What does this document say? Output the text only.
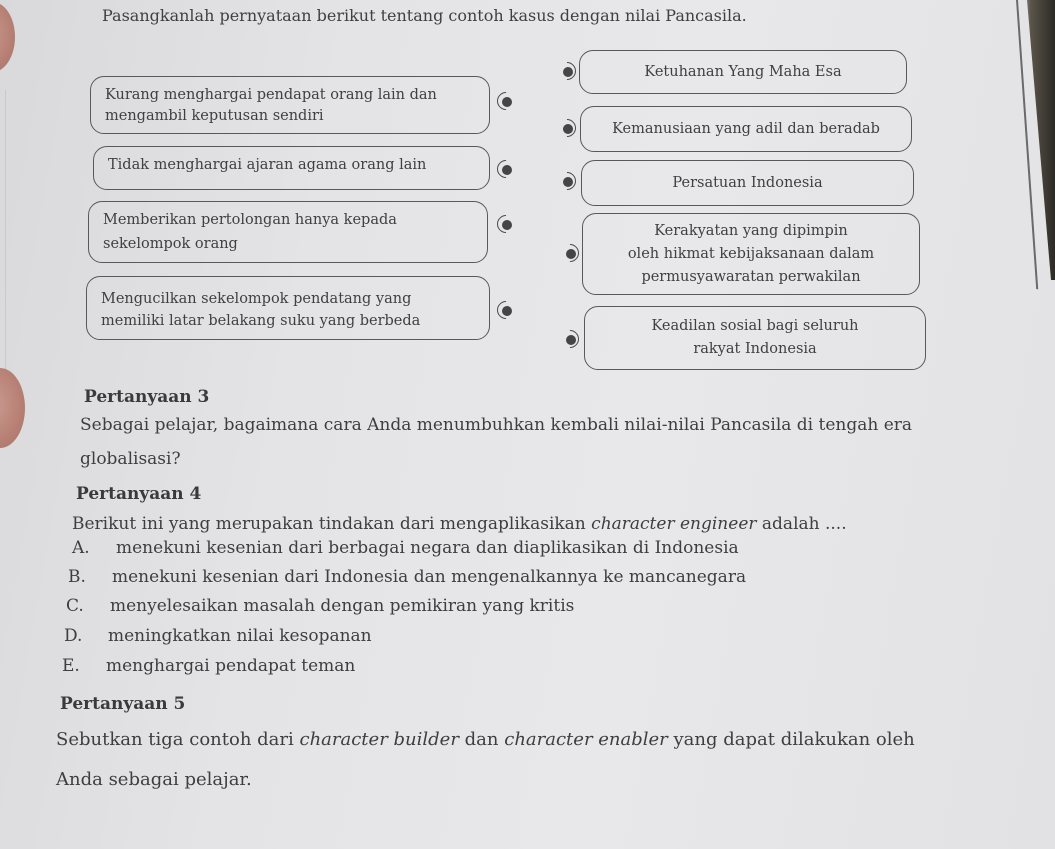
Pasangkanlah pernyataan berikut tentang contoh kasus dengan nilai Pancasila.
Kurang menghargai pendapat orang lain dan
mengambil keputusan sendiri
Tidak menghargai ajaran agama orang lain
Memberikan pertolongan hanya kepada
sekelompok orang
Mengucilkan sekelompok pendatang yang
memiliki latar belakang suku yang berbeda
Ketuhanan Yang Maha Esa
Kemanusiaan yang adil dan beradab
Persatuan Indonesia
Kerakyatan yang dipimpin
oleh hikmat kebijaksanaan dalam
permusyawaratan perwakilan
Keadilan sosial bagi seluruh
rakyat Indonesia
Pertanyaan 3
Sebagai pelajar, bagaimana cara Anda menumbuhkan kembali nilai-nilai Pancasila di tengah era
globalisasi?
Pertanyaan 4
Berikut ini yang merupakan tindakan dari mengaplikasikan character engineer adalah ....
A.	menekuni kesenian dari berbagai negara dan diaplikasikan di Indonesia
B.	menekuni kesenian dari Indonesia dan mengenalkannya ke mancanegara
C.	menyelesaikan masalah dengan pemikiran yang kritis
D.	meningkatkan nilai kesopanan
E.	menghargai pendapat teman
Pertanyaan 5
Sebutkan tiga contoh dari character builder dan character enabler yang dapat dilakukan oleh
Anda sebagai pelajar.
